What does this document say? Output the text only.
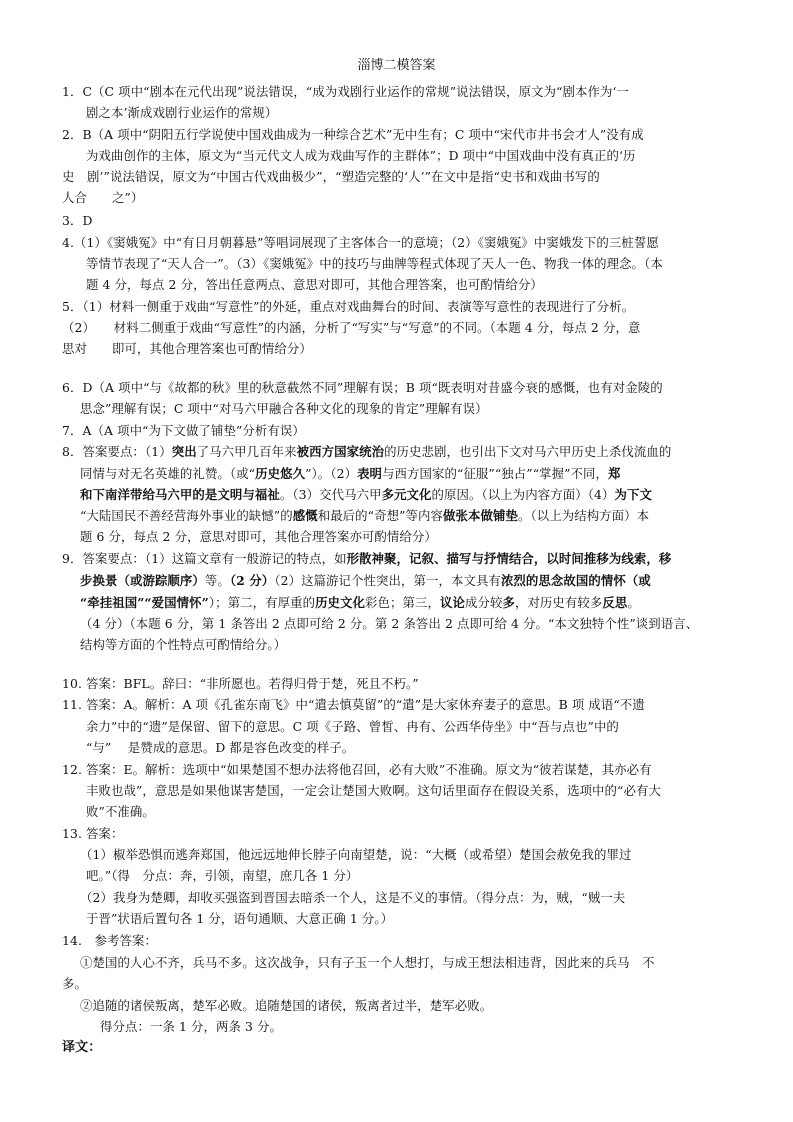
淄博二模答案
1．C（C 项中“剧本在元代出现”说法错误，“成为戏剧行业运作的常规”说法错误，原文为“剧本作为‘一
剧之本’渐成戏剧行业运作的常规）
2．B（A 项中“阴阳五行学说使中国戏曲成为一种综合艺术”无中生有；C 项中“宋代市井书会才人”没有成
为戏曲创作的主体，原文为“当元代文人成为戏曲写作的主群体”；D 项中“中国戏曲中没有真正的‘历
史　剧’”说法错误，原文为“中国古代戏曲极少”，“塑造完整的‘人’”在文中是指“史书和戏曲书写的
人合　　之”）
3．D
4.（1）《窦娥冤》中“有日月朝暮悬”等唱词展现了主客体合一的意境；（2）《窦娥冤》中窦娥发下的三桩誓愿
等情节表现了“天人合一”。（3）《窦娥冤》中的技巧与曲牌等程式体现了天人一色、物我一体的理念。（本
题 4 分，每点 2 分，答出任意两点、意思对即可，其他合理答案，也可酌情给分）
5．（1）材料一侧重于戏曲“写意性”的外延，重点对戏曲舞台的时间、表演等写意性的表现进行了分析。
（2）　　材料二侧重于戏曲“写意性”的内涵，分析了“写实”与“写意”的不同。（本题 4 分，每点 2 分，意
思对　　即可，其他合理答案也可酌情给分）
6．D（A 项中“与《故都的秋》里的秋意截然不同”理解有误；B 项“既表明对昔盛今衰的感慨，也有对金陵的
思念”理解有误；C 项中“对马六甲融合各种文化的现象的肯定”理解有误）
7．A（A 项中“为下文做了铺垫”分析有误）
8．答案要点：（1）突出了马六甲几百年来被西方国家统治的历史悲剧，也引出下文对马六甲历史上杀伐流血的
同情与对无名英雄的礼赞。（或“历史悠久”）。（2）表明与西方国家的“征服”“独占”“掌握”不同，郑
和下南洋带给马六甲的是文明与福祉。（3）交代马六甲多元文化的原因。（以上为内容方面）（4）为下文
“大陆国民不善经营海外事业的缺憾”的感慨和最后的“奇想”等内容做张本做铺垫。（以上为结构方面）本
题 6 分，每点 2 分，意思对即可，其他合理答案亦可酌情给分）
9．答案要点：（1）这篇文章有一般游记的特点，如形散神聚，记叙、描写与抒情结合，以时间推移为线索，移
步换景（或游踪顺序）等。（2 分）（2）这篇游记个性突出，第一，本文具有浓烈的思念故国的情怀（或
“牵挂祖国”“爱国情怀”）；第二，有厚重的历史文化彩色；第三，议论成分较多，对历史有较多反思。
（4 分）（本题 6 分，第 1 条答出 2 点即可给 2 分。第 2 条答出 2 点即可给 4 分。“本文独特个性”谈到语言、
结构等方面的个性特点可酌情给分。）
10. 答案：BFL。辞曰：“非所愿也。若得归骨于楚，死且不朽。”
11. 答案：A。解析：A 项《孔雀东南飞》中“遣去慎莫留”的“遣”是大家休弃妻子的意思。B 项 成语“不遗
余力”中的“遗”是保留、留下的意思。C 项《子路、曾皙、冉有、公西华侍坐》中“吾与点也”中的
“与”　 是赞成的意思。D 都是容色改变的样子。
12. 答案：E。解析：选项中“如果楚国不想办法将他召回，必有大败”不准确。原文为“彼若谋楚，其亦必有
丰败也哉”，意思是如果他谋害楚国，一定会让楚国大败啊。这句话里面存在假设关系，选项中的“必有大
败”不准确。
13. 答案：
（1）椒举恐惧而逃奔郑国，他远远地伸长脖子向南望楚，说：“大概（或希望）楚国会赦免我的罪过
吧。”（得　分点：奔，引领，南望，庶几各 1 分）
（2）我身为楚卿，却收买强盗到晋国去暗杀一个人，这是不义的事情。（得分点：为，贼，“贼一夫
于晋”状语后置句各 1 分，语句通顺、大意正确 1 分。）
14.　参考答案：
①楚国的人心不齐，兵马不多。这次战争，只有子玉一个人想打，与成王想法相违背，因此来的兵马　不
多。
②追随的诸侯叛离，楚军必败。追随楚国的诸侯，叛离者过半，楚军必败。
得分点：一条 1 分，两条 3 分。
译文：
